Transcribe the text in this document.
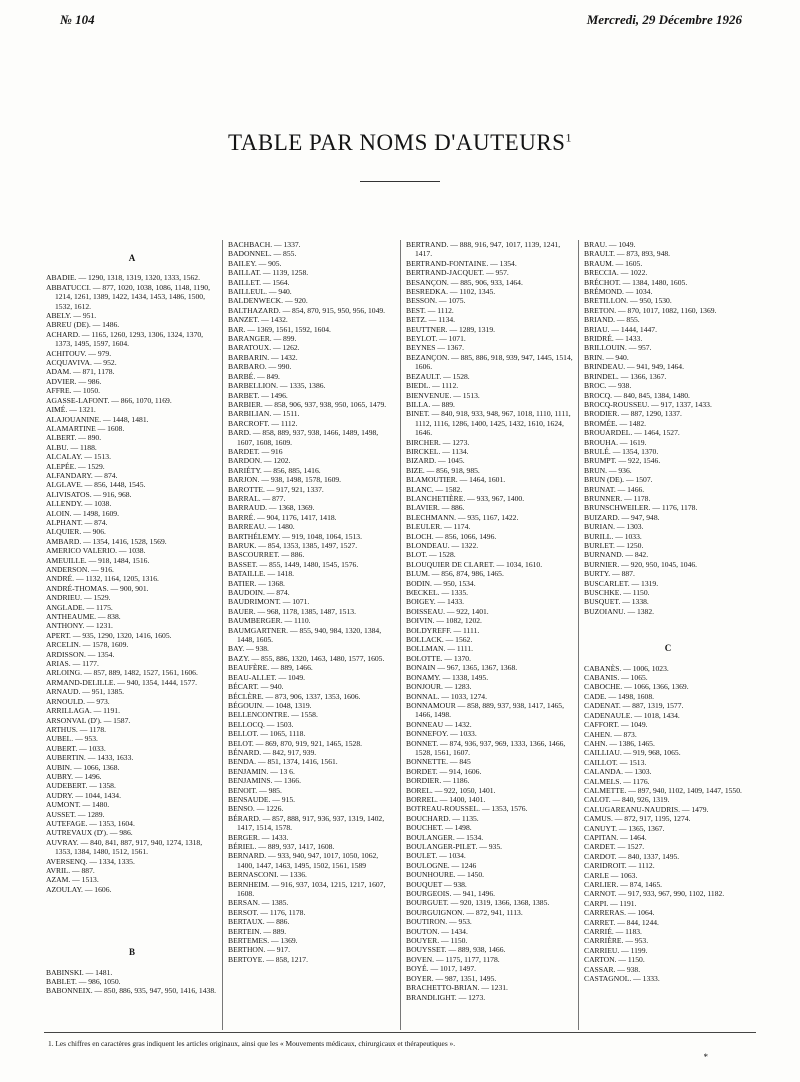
№ 104	Mercredi, 29 Décembre 1926
TABLE PAR NOMS D'AUTEURS$^1$
A
ABADIE. — 1290, 1318, 1319, 1320, 1333, 1562.
ABBATUCCI. — 877, 1020, 1038, 1086, 1148, 1190, 1214, 1261, 1389, 1422, 1434, 1453, 1486, 1500, 1532, 1612.
ABELY. — 951.
ABREU (DE). — 1486.
ACHARD. — 1165, 1260, 1293, 1306, 1324, 1370, 1373, 1495, 1597, 1604.
ACHITOUV. — 979.
ACQUAVIVA. — 952.
ADAM. — 871, 1178.
ADVIER. — 986.
AFFRE. — 1050.
AGASSE-LAFONT. — 866, 1070, 1169.
AIMÉ. — 1321.
ALAJOUANINE. — 1448, 1481.
ALAMARTINE — 1608.
ALBERT. — 890.
ALBU. — 1188.
ALCALAY. — 1513.
ALEPÉE. — 1529.
ALFANDARY. — 874.
ALGLAVE. — 856, 1448, 1545.
ALIVISATOS. — 916, 968.
ALLENDY. — 1038.
ALOIN. — 1498, 1609.
ALPHANT. — 874.
ALQUIER. — 906.
AMBARD. — 1354, 1416, 1528, 1569.
AMERICO VALERIO. — 1038.
AMEUILLE. — 918, 1484, 1516.
ANDERSON. — 916.
ANDRÉ. — 1132, 1164, 1205, 1316.
ANDRÉ-THOMAS. — 900, 901.
ANDRIEU. — 1529.
ANGLADE. — 1175.
ANTHEAUME. — 838.
ANTHONY. — 1231.
APERT. — 935, 1290, 1320, 1416, 1605.
ARCELIN. — 1578, 1609.
ARDISSON. — 1354.
ARIAS. — 1177.
ARLOING. — 857, 889, 1482, 1527, 1561, 1606.
ARMAND-DELILLE. — 940, 1354, 1444, 1577.
ARNAUD. — 951, 1385.
ARNOULD. — 973.
ARRILLAGA. — 1191.
ARSONVAL (D'). — 1587.
ARTHUS. — 1178.
AUBEL. — 953.
AUBERT. — 1033.
AUBERTIN. — 1433, 1633.
AUBIN. — 1066, 1368.
AUBRY. — 1496.
AUDEBERT. — 1358.
AUDRY. — 1044, 1434.
AUMONT. — 1480.
AUSSET. — 1289.
AUTEFAGE. — 1353, 1604.
AUTREVAUX (D'). — 986.
AUVRAY. — 840, 841, 887, 917, 940, 1274, 1318, 1353, 1384, 1480, 1512, 1561.
AVERSENQ. — 1334, 1335.
AVRIL. — 887.
AZAM. — 1513.
AZOULAY. — 1606.
B
BABINSKI. — 1481.
BABLET. — 986, 1050.
BABONNEIX. — 850, 886, 935, 947, 950, 1416, 1438.
BACHBACH. — 1337.
BADONNEL. — 855.
BAILEY. — 905.
BAILLAT. — 1139, 1258.
BAILLET. — 1564.
BAILLEUL. — 940.
BALDENWECK. — 920.
BALTHAZARD. — 854, 870, 915, 950, 956, 1049.
BANZET. — 1432.
BAR. — 1369, 1561, 1592, 1604.
BARANGER. — 899.
BARATOUX. — 1262.
BARBARIN. — 1432.
BARBARO. — 990.
BARBÉ. — 849.
BARBELLION. — 1335, 1386.
BARBET. — 1496.
BARBIER. — 858, 906, 937, 938, 950, 1065, 1479.
BARBILIAN. — 1511.
BARCROFT. — 1112.
BARD. — 858, 889, 937, 938, 1466, 1489, 1498, 1607, 1608, 1609.
BARDET. — 916
BARDON. — 1202.
BARIÉTY. — 856, 885, 1416.
BARJON. — 938, 1498, 1578, 1609.
BAROTTE. — 917, 921, 1337.
BARRAL. — 877.
BARRAUD. — 1368, 1369.
BARRÉ. — 904, 1176, 1417, 1418.
BARREAU. — 1480.
BARTHÉLEMY. — 919, 1048, 1064, 1513.
BARUK. — 854, 1353, 1385, 1497, 1527.
BASCOURRET. — 886.
BASSET. — 855, 1449, 1480, 1545, 1576.
BATAILLE. — 1418.
BATIER. — 1368.
BAUDOIN. — 874.
BAUDRIMONT. — 1071.
BAUER. — 968, 1178, 1385, 1487, 1513.
BAUMBERGER. — 1110.
BAUMGARTNER. — 855, 940, 984, 1320, 1384, 1448, 1605.
BAY. — 938.
BAZY. — 855, 886, 1320, 1463, 1480, 1577, 1605.
BEAUFÈRE. — 889, 1466.
BEAU-ALLET. — 1049.
BÉCART. — 940.
BÉCLÈRE. — 873, 906, 1337, 1353, 1606.
BÉGOUIN. — 1048, 1319.
BELLENCONTRE. — 1558.
BELLOCQ. — 1503.
BELLOT. — 1065, 1118.
BELOT. — 869, 870, 919, 921, 1465, 1528.
BÉNARD. — 842, 917, 939.
BENDA. — 851, 1374, 1416, 1561.
BENJAMIN. — 13 6.
BENJAMINS. — 1366.
BENOIT. — 985.
BENSAUDE. — 915.
BENSO. — 1226.
BÉRARD. — 857, 888, 917, 936, 937, 1319, 1402, 1417, 1514, 1578.
BERGER. — 1433.
BÉRIEL. — 889, 937, 1417, 1608.
BERNARD. — 933, 940, 947, 1017, 1050, 1062, 1400, 1447, 1463, 1495, 1502, 1561, 1589
BERNASCONI. — 1336.
BERNHEIM. — 916, 937, 1034, 1215, 1217, 1607, 1608.
BERSAN. — 1385.
BERSOT. — 1176, 1178.
BERTAUX. — 886.
BERTEIN. — 889.
BERTEMES. — 1369.
BERTHON. — 917.
BERTOYE. — 858, 1217.
BERTRAND. — 888, 916, 947, 1017, 1139, 1241, 1417.
BERTRAND-FONTAINE. — 1354.
BERTRAND-JACQUET. — 957.
BESANÇON. — 885, 906, 933, 1464.
BESREDKA. — 1102, 1345.
BESSON. — 1075.
BEST. — 1112.
BETZ. — 1134.
BEUTTNER. — 1289, 1319.
BEYLOT. — 1071.
BEYNES — 1367.
BEZANÇON. — 885, 886, 918, 939, 947, 1445, 1514, 1606.
BEZAULT. — 1528.
BIEDL. — 1112.
BIENVENUE. — 1513.
BILLA. — 889.
BINET. — 840, 918, 933, 948, 967, 1018, 1110, 1111, 1112, 1116, 1286, 1400, 1425, 1432, 1610, 1624, 1646.
BIRCHER. — 1273.
BIRCKEL. — 1134.
BIZARD. — 1045.
BIZE. — 856, 918, 985.
BLAMOUTIER. — 1464, 1601.
BLANC. — 1582.
BLANCHETIÈRE. — 933, 967, 1400.
BLAVIER. — 886.
BLECHMANN. — 935, 1167, 1422.
BLEULER. — 1174.
BLOCH. — 856, 1066, 1496.
BLONDEAU. — 1322.
BLOT. — 1528.
BLOUQUIER DE CLARET. — 1034, 1610.
BLUM. — 856, 874, 986, 1465.
BODIN. — 950, 1534.
BŒCKEL. — 1335.
BOIGEY. — 1433.
BOISSEAU. — 922, 1401.
BOIVIN. — 1082, 1202.
BOLDYREFF. — 1111.
BOLLACK. — 1562.
BOLLMAN. — 1111.
BOLOTTE. — 1370.
BONAIN — 967, 1365, 1367, 1368.
BONAMY. — 1338, 1495.
BONJOUR. — 1283.
BONNAL. — 1033, 1274.
BONNAMOUR — 858, 889, 937, 938, 1417, 1465, 1466, 1498.
BONNEAU — 1432.
BONNEFOY. — 1033.
BONNET. — 874, 936, 937, 969, 1333, 1366, 1466, 1528, 1561, 1607.
BONNETTE. — 845
BORDET. — 914, 1606.
BORDIER. — 1186.
BOREL. — 922, 1050, 1401.
BORREL. — 1400, 1401.
BOTREAU-ROUSSEL. — 1353, 1576.
BOUCHARD. — 1135.
BOUCHET. — 1498.
BOULANGER. — 1534.
BOULANGER-PILET. — 935.
BOULET. — 1034.
BOULOGNE. — 1246
BOUNHOURE. — 1450.
BOUQUET — 938.
BOURGEOIS. — 941, 1496.
BOURGUET. — 920, 1319, 1366, 1368, 1385.
BOURGUIGNON. — 872, 941, 1113.
BOUTIRON. — 953.
BOUTON. — 1434.
BOUYER. — 1150.
BOUYSSET. — 889, 938, 1466.
BOVEN. — 1175, 1177, 1178.
BOYÉ. — 1017, 1497.
BOYER. — 987, 1351, 1495.
BRACHETTO-BRIAN. — 1231.
BRANDLIGHT. — 1273.
BRAU. — 1049.
BRAULT. — 873, 893, 948.
BRAUM. — 1605.
BRECCIA. — 1022.
BRÉCHOT. — 1384, 1480, 1605.
BRÉMOND. — 1034.
BRETILLON. — 950, 1530.
BRETON. — 870, 1017, 1082, 1160, 1369.
BRIAND. — 855.
BRIAU. — 1444, 1447.
BRIDRÉ. — 1433.
BRILLOUIN. — 957.
BRIN. — 940.
BRINDEAU. — 941, 949, 1464.
BRINDEL. — 1366, 1367.
BROC. — 938.
BROCQ. — 840, 845, 1384, 1480.
BROCQ-ROUSSEU. — 917, 1337, 1433.
BRODIER. — 887, 1290, 1337.
BROMÉE. — 1482.
BROUARDEL. — 1464, 1527.
BROUHA. — 1619.
BRULÉ. — 1354, 1370.
BRUMPT. — 922, 1546.
BRUN. — 936.
BRUN (DE). — 1507.
BRUNAT. — 1466.
BRUNNER. — 1178.
BRUNSCHWEILER. — 1176, 1178.
BUIZARD. — 947, 948.
BURIAN. — 1303.
BURILL. — 1033.
BURLET. — 1250.
BURNAND. — 842.
BURNIER. — 920, 950, 1045, 1046.
BURTY. — 887.
BUSCARLET. — 1319.
BUSCHKE. — 1150.
BUSQUET. — 1338.
BUZOIANU. — 1382.
C
CABANÈS. — 1006, 1023.
CABANIS. — 1065.
CABOCHE. — 1066, 1366, 1369.
CADE. — 1498, 1608.
CADENAT. — 887, 1319, 1577.
CADENAULE. — 1018, 1434.
CAFFORT. — 1049.
CAHEN. — 873.
CAHN. — 1386, 1465.
CAILLIAU. — 919, 968, 1065.
CAILLOT. — 1513.
CALANDA. — 1303.
CALMELS. — 1176.
CALMETTE. — 897, 940, 1102, 1409, 1447, 1550.
CALOT. — 840, 926, 1319.
CALUGAREANU-NAUDRIS. — 1479.
CAMUS. — 872, 917, 1195, 1274.
CANUYT. — 1365, 1367.
CAPITAN. — 1464.
CARDET. — 1527.
CARDOT. — 840, 1337, 1495.
CARIDROIT. — 1112.
CARLE — 1063.
CARLIER. — 874, 1465.
CARNOT. — 917, 933, 967, 990, 1102, 1182.
CARPI. — 1191.
CARRERAS. — 1064.
CARRET. — 844, 1244.
CARRIÉ. — 1183.
CARRIÈRE. — 953.
CARRIEU. — 1199.
CARTON. — 1150.
CASSAR. — 938.
CASTAGNOL. — 1333.
1. Les chiffres en caractères gras indiquent les articles originaux, ainsi que les « Mouvements médicaux, chirurgicaux et thérapeutiques ».
*
